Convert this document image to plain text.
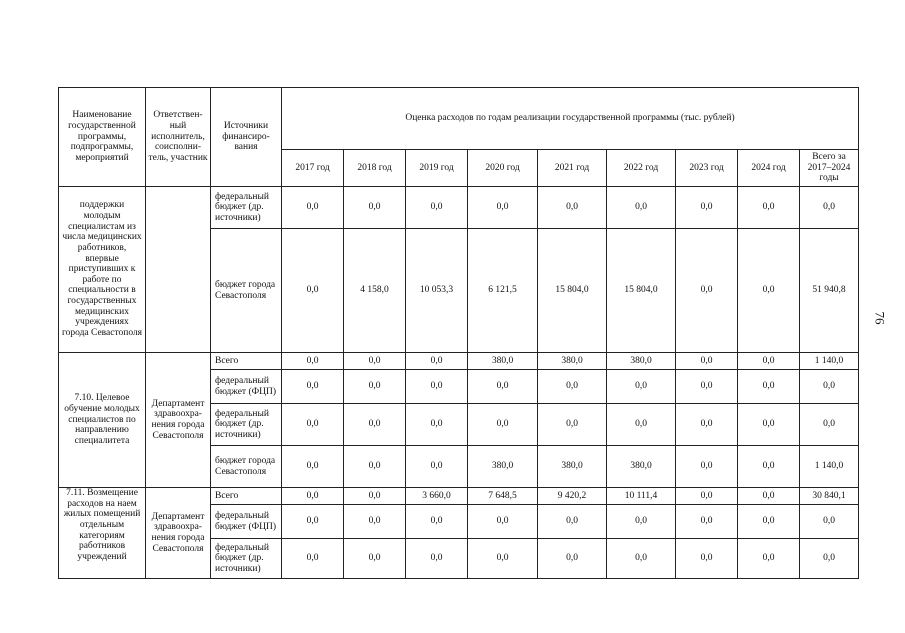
Наименование государственной программы, подпрограммы, мероприятий	Ответствен- ный исполнитель, соисполни- тель, участник	Источники финансиро- вания	Оценка расходов по годам реализации государственной программы (тыс. рублей)								
			2017 год	2018 год	2019 год	2020 год	2021 год	2022 год	2023 год	2024 год	Всего за 2017–2024 годы
поддержки молодым специалистам из числа медицинских работников, впервые приступивших к работе по специальности в государственных медицинских учреждениях города Севастополя		федеральный бюджет (др. источники)	0,0	0,0	0,0	0,0	0,0	0,0	0,0	0,0	0,0
		бюджет города Севастополя	0,0	4 158,0	10 053,3	6 121,5	15 804,0	15 804,0	0,0	0,0	51 940,8
7.10. Целевое обучение молодых специалистов по направлению специалитета	Департамент здравоохра- нения города Севастополя	Всего	0,0	0,0	0,0	380,0	380,0	380,0	0,0	0,0	1 140,0
		федеральный бюджет (ФЦП)	0,0	0,0	0,0	0,0	0,0	0,0	0,0	0,0	0,0
		федеральный бюджет (др. источники)	0,0	0,0	0,0	0,0	0,0	0,0	0,0	0,0	0,0
		бюджет города Севастополя	0,0	0,0	0,0	380,0	380,0	380,0	0,0	0,0	1 140,0
7.11. Возмещение расходов на наем жилых помещений отдельным категориям работников учреждений	Департамент здравоохра- нения города Севастополя	Всего	0,0	0,0	3 660,0	7 648,5	9 420,2	10 111,4	0,0	0,0	30 840,1
		федеральный бюджет (ФЦП)	0,0	0,0	0,0	0,0	0,0	0,0	0,0	0,0	0,0
		федеральный бюджет (др. источники)	0,0	0,0	0,0	0,0	0,0	0,0	0,0	0,0	0,0
76
